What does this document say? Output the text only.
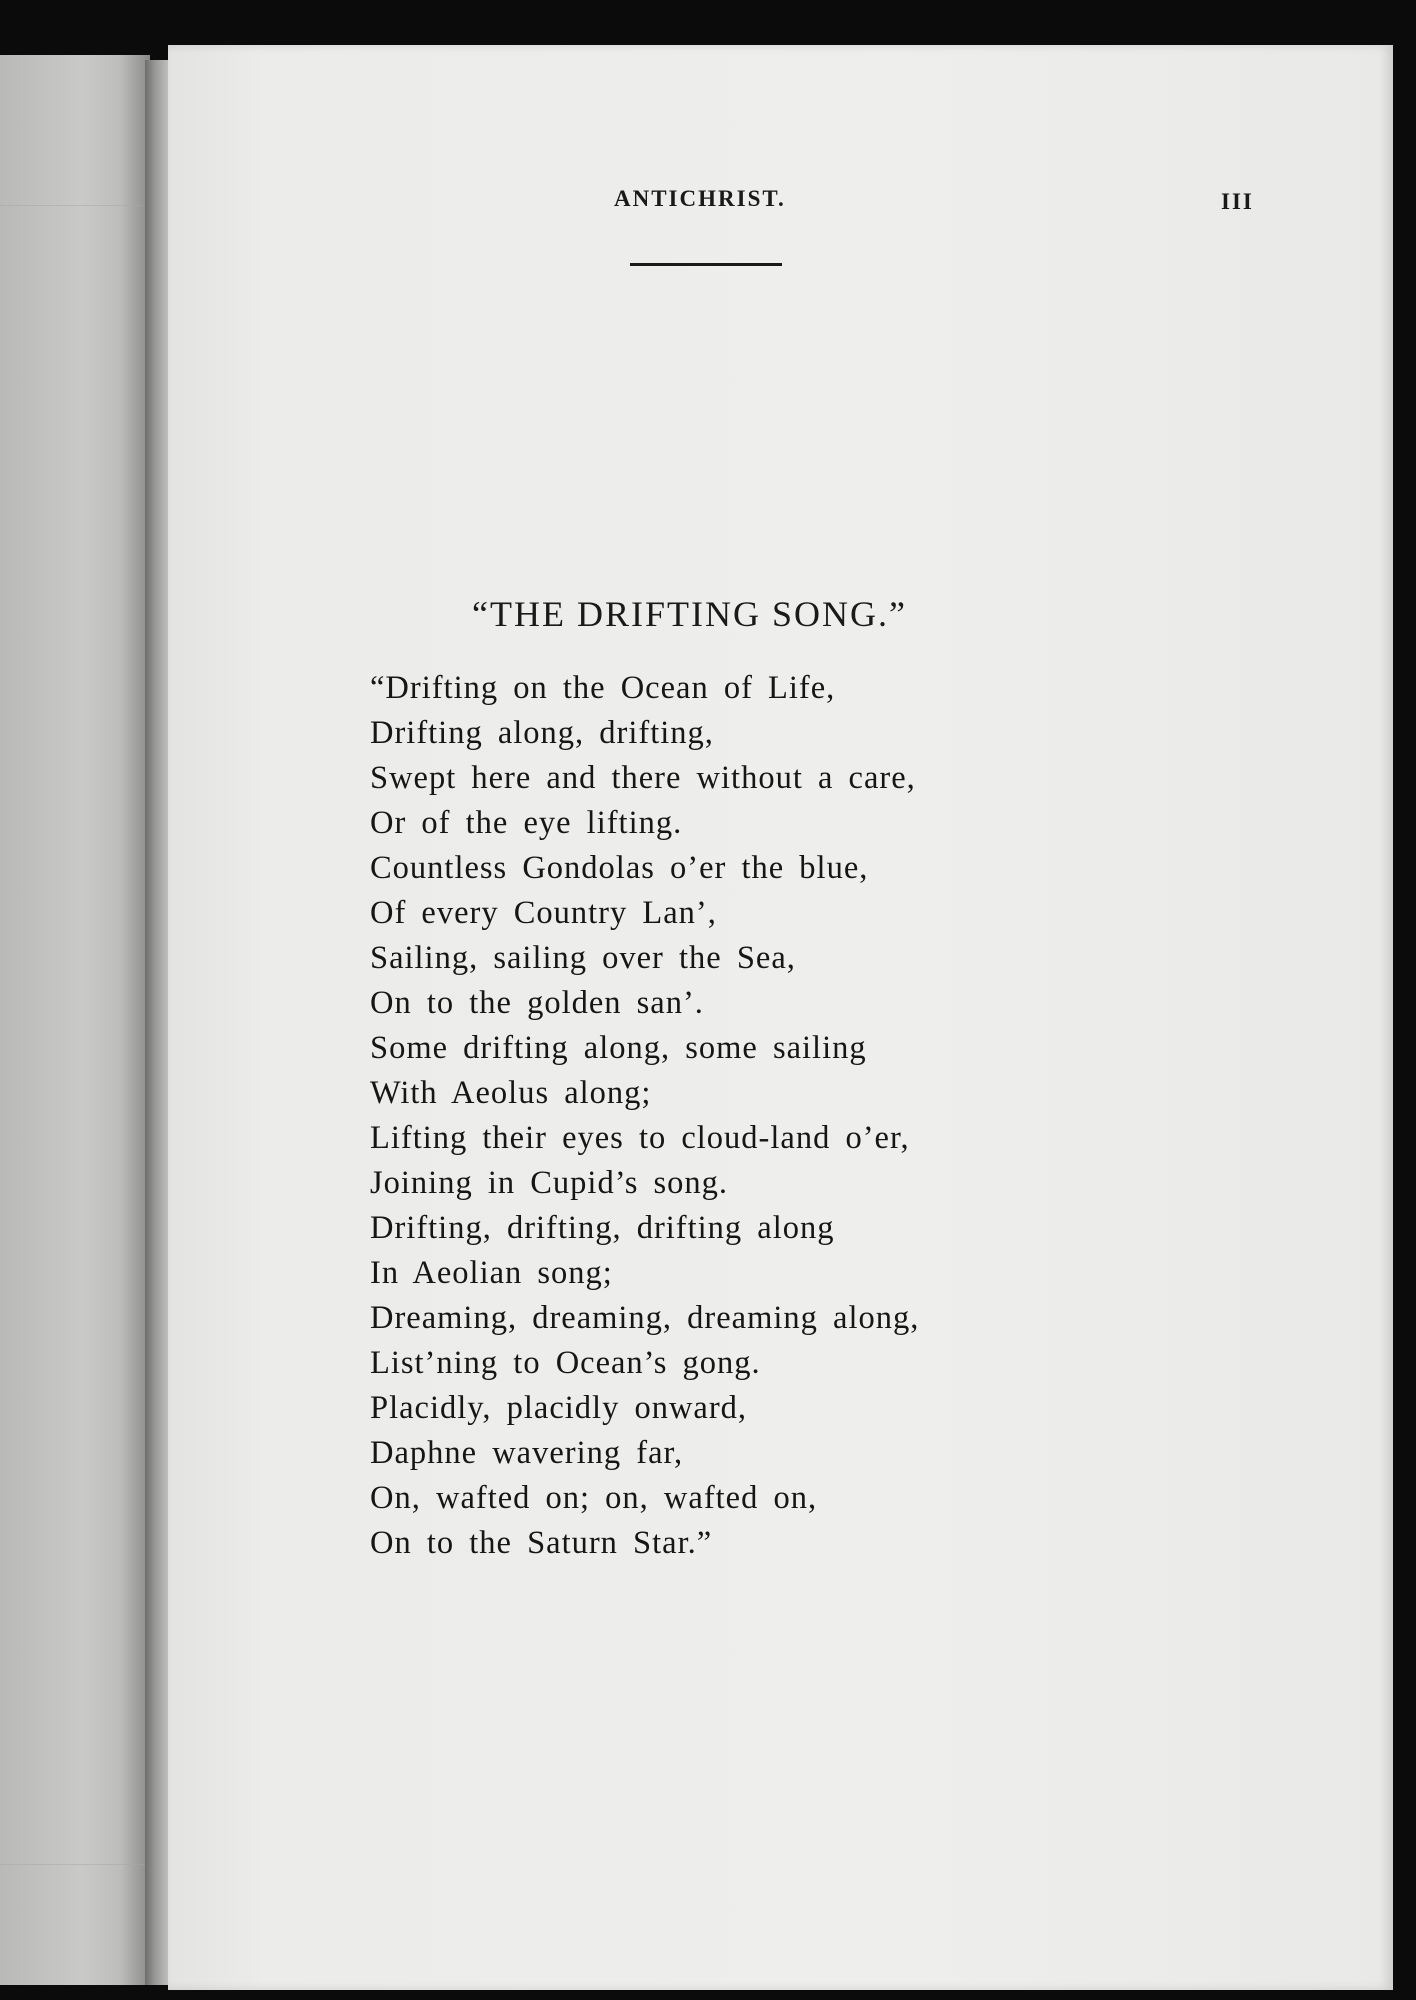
ANTICHRIST.	III
“THE DRIFTING SONG.”
“Drifting on the Ocean of Life,
Drifting along, drifting,
Swept here and there without a care,
Or of the eye lifting.
Countless Gondolas o’er the blue,
Of every Country Lan’,
Sailing, sailing over the Sea,
On to the golden san’.
Some drifting along, some sailing
With Aeolus along;
Lifting their eyes to cloud-land o’er,
Joining in Cupid’s song.
Drifting, drifting, drifting along
In Aeolian song;
Dreaming, dreaming, dreaming along,
List’ning to Ocean’s gong.
Placidly, placidly onward,
Daphne wavering far,
On, wafted on; on, wafted on,
On to the Saturn Star.”
